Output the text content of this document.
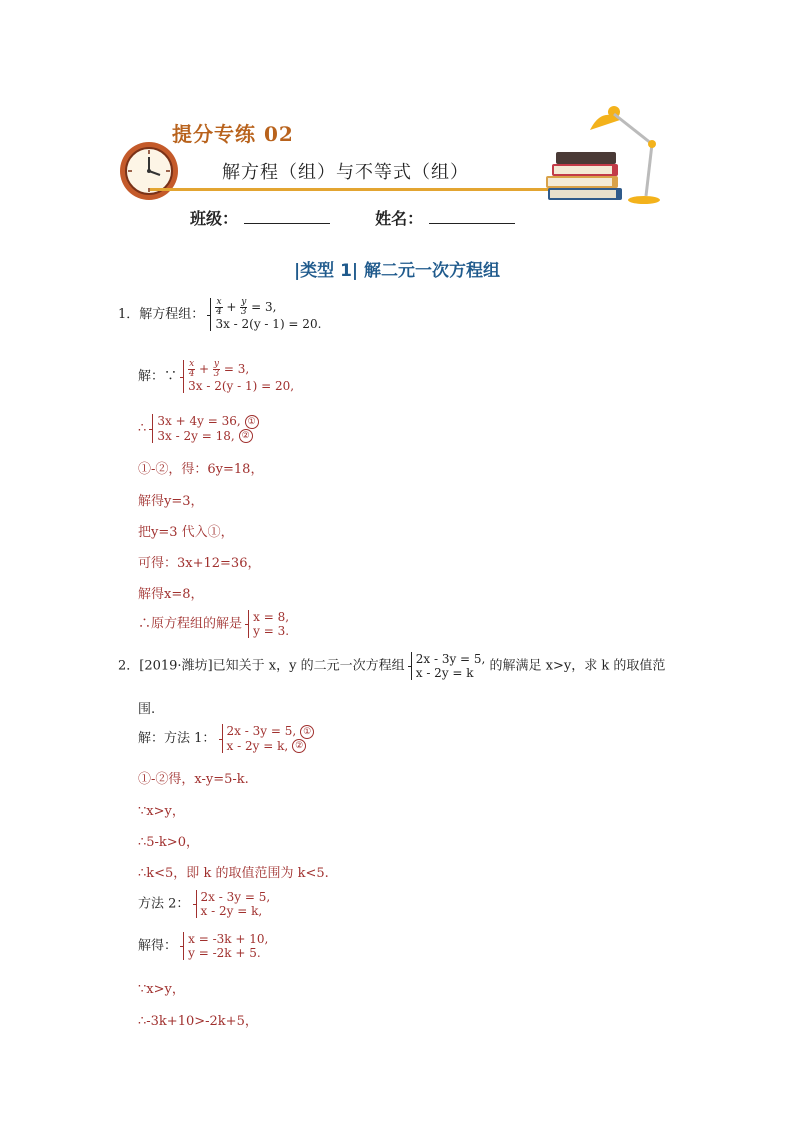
提分专练 02
解方程（组）与不等式（组）
班级：	姓名：
|类型 1| 解二元一次方程组
1．解方程组： $\frac{x}{4} + \frac{y}{3} = 3$,
3x - 2(y - 1) = 20.
解：∵ $\frac{x}{4} + \frac{y}{3} = 3$,
3x - 2(y - 1) = 20,
∴ 3x + 4y = 36, ①
3x - 2y = 18, ②
①-②，得：6y=18，
解得y=3，
把y=3 代入①，
可得：3x+12=36，
解得x=8，
∴原方程组的解是 x = 8,
y = 3.
2．[2019·潍坊]已知关于 x，y 的二元一次方程组 2x - 3y = 5,
x - 2y = k 的解满足 x>y，求 k 的取值范
围.
解：方法 1： 2x - 3y = 5, ①
x - 2y = k, ②
①-②得，x-y=5-k.
∵x>y，
∴5-k>0，
∴k<5，即 k 的取值范围为 k<5.
方法 2： 2x - 3y = 5,
x - 2y = k,
解得： x = -3k + 10,
y = -2k + 5.
∵x>y，
∴-3k+10>-2k+5，
